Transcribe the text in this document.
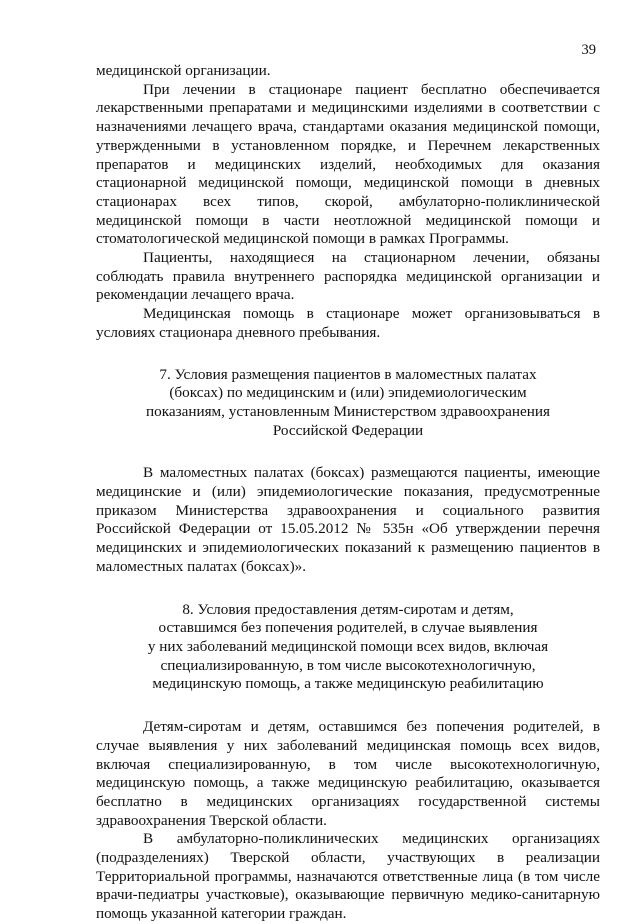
39

медицинской организации.

При лечении в стационаре пациент бесплатно обеспечивается лекарственными препаратами и медицинскими изделиями в соответствии с назначениями лечащего врача, стандартами оказания медицинской помощи, утвержденными в установленном порядке, и Перечнем лекарственных препаратов и медицинских изделий, необходимых для оказания стационарной медицинской помощи, медицинской помощи в дневных стационарах всех типов, скорой, амбулаторно-поликлинической медицинской помощи в части неотложной медицинской помощи и стоматологической медицинской помощи в рамках Программы.

Пациенты, находящиеся на стационарном лечении, обязаны соблюдать правила внутреннего распорядка медицинской организации и рекомендации лечащего врача.

Медицинская помощь в стационаре может организовываться в условиях стационара дневного пребывания.

7. Условия размещения пациентов в маломестных палатах
(боксах) по медицинским и (или) эпидемиологическим
показаниям, установленным Министерством здравоохранения
Российской Федерации

В маломестных палатах (боксах) размещаются пациенты, имеющие медицинские и (или) эпидемиологические показания, предусмотренные приказом Министерства здравоохранения и социального развития Российской Федерации от 15.05.2012 № 535н «Об утверждении перечня медицинских и эпидемиологических показаний к размещению пациентов в маломестных палатах (боксах)».

8. Условия предоставления детям-сиротам и детям,
оставшимся без попечения родителей, в случае выявления
у них заболеваний медицинской помощи всех видов, включая
специализированную, в том числе высокотехнологичную,
медицинскую помощь, а также медицинскую реабилитацию

Детям-сиротам и детям, оставшимся без попечения родителей, в случае выявления у них заболеваний медицинская помощь всех видов, включая специализированную, в том числе высокотехнологичную, медицинскую помощь, а также медицинскую реабилитацию, оказывается бесплатно в медицинских организациях государственной системы здравоохранения Тверской области.

В амбулаторно-поликлинических медицинских организациях (подразделениях) Тверской области, участвующих в реализации Территориальной программы, назначаются ответственные лица (в том числе врачи-педиатры участковые), оказывающие первичную медико-санитарную помощь указанной категории граждан.
